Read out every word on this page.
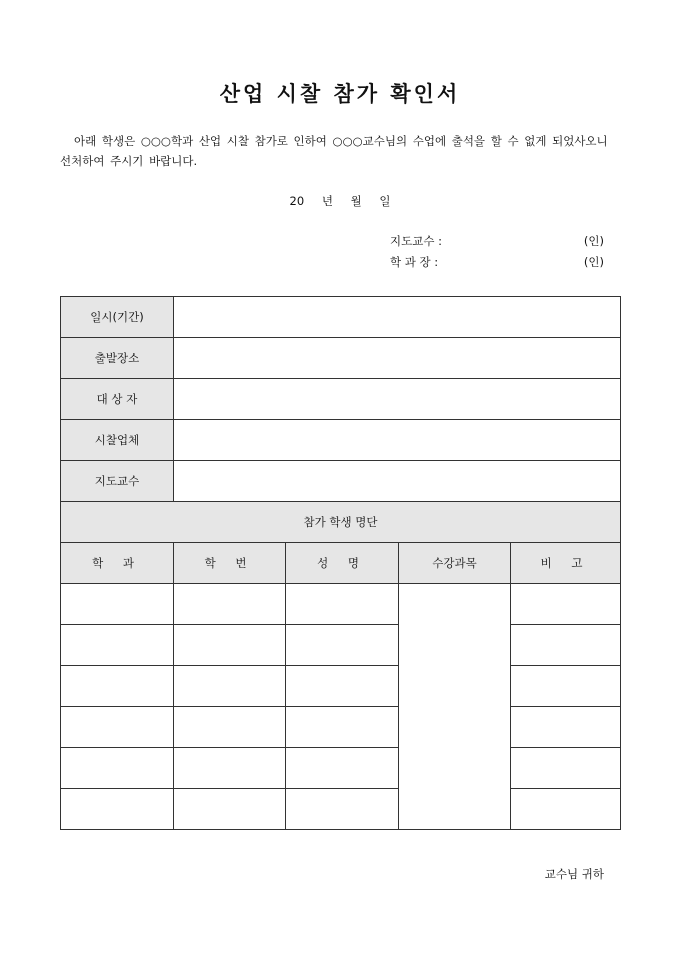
산업 시찰 참가 확인서
아래 학생은 ○○○학과 산업 시찰 참가로 인하여 ○○○교수님의 수업에 출석을 할 수 없게 되었사오니 선처하여 주시기 바랍니다.
20 년 월 일
지도교수 :	(인)
학 과 장 :	(인)
일시(기간)				
출발장소				
대 상 자				
시찰업체				
지도교수				
참가 학생 명단				
학 과	학 번	성 명	수강과목	비 고

교수님 귀하
